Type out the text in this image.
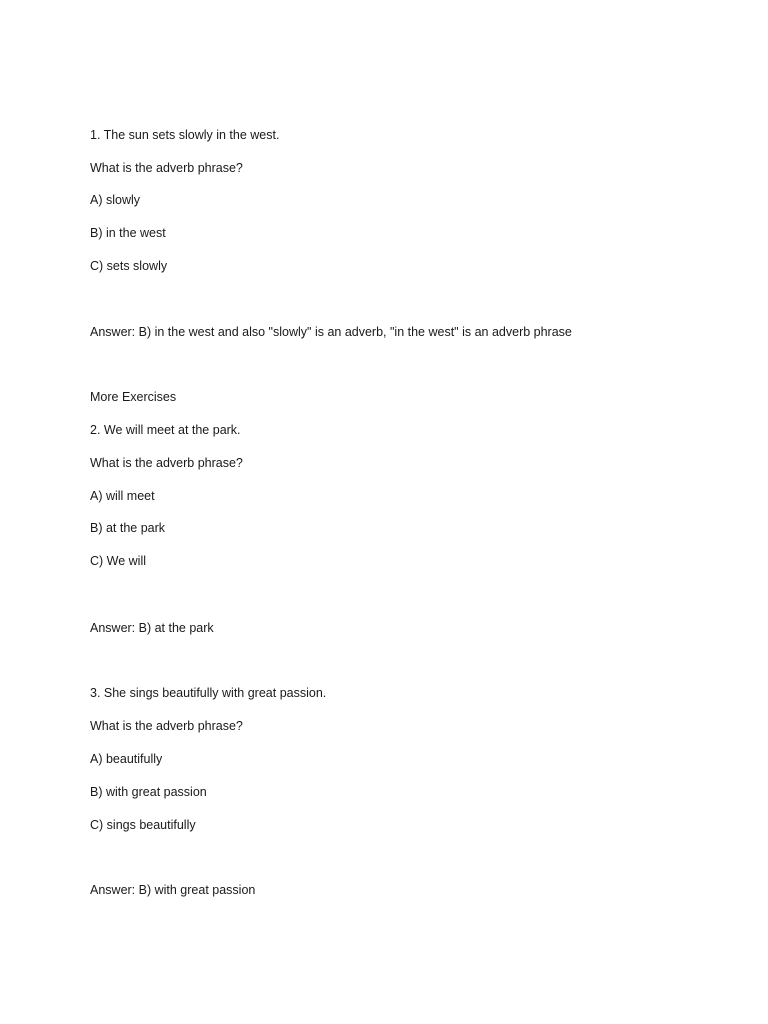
1. The sun sets slowly in the west.
What is the adverb phrase?
A) slowly
B) in the west
C) sets slowly
Answer: B) in the west and also "slowly" is an adverb, "in the west" is an adverb phrase
More Exercises
2. We will meet at the park.
What is the adverb phrase?
A) will meet
B) at the park
C) We will
Answer: B) at the park
3. She sings beautifully with great passion.
What is the adverb phrase?
A) beautifully
B) with great passion
C) sings beautifully
Answer: B) with great passion
